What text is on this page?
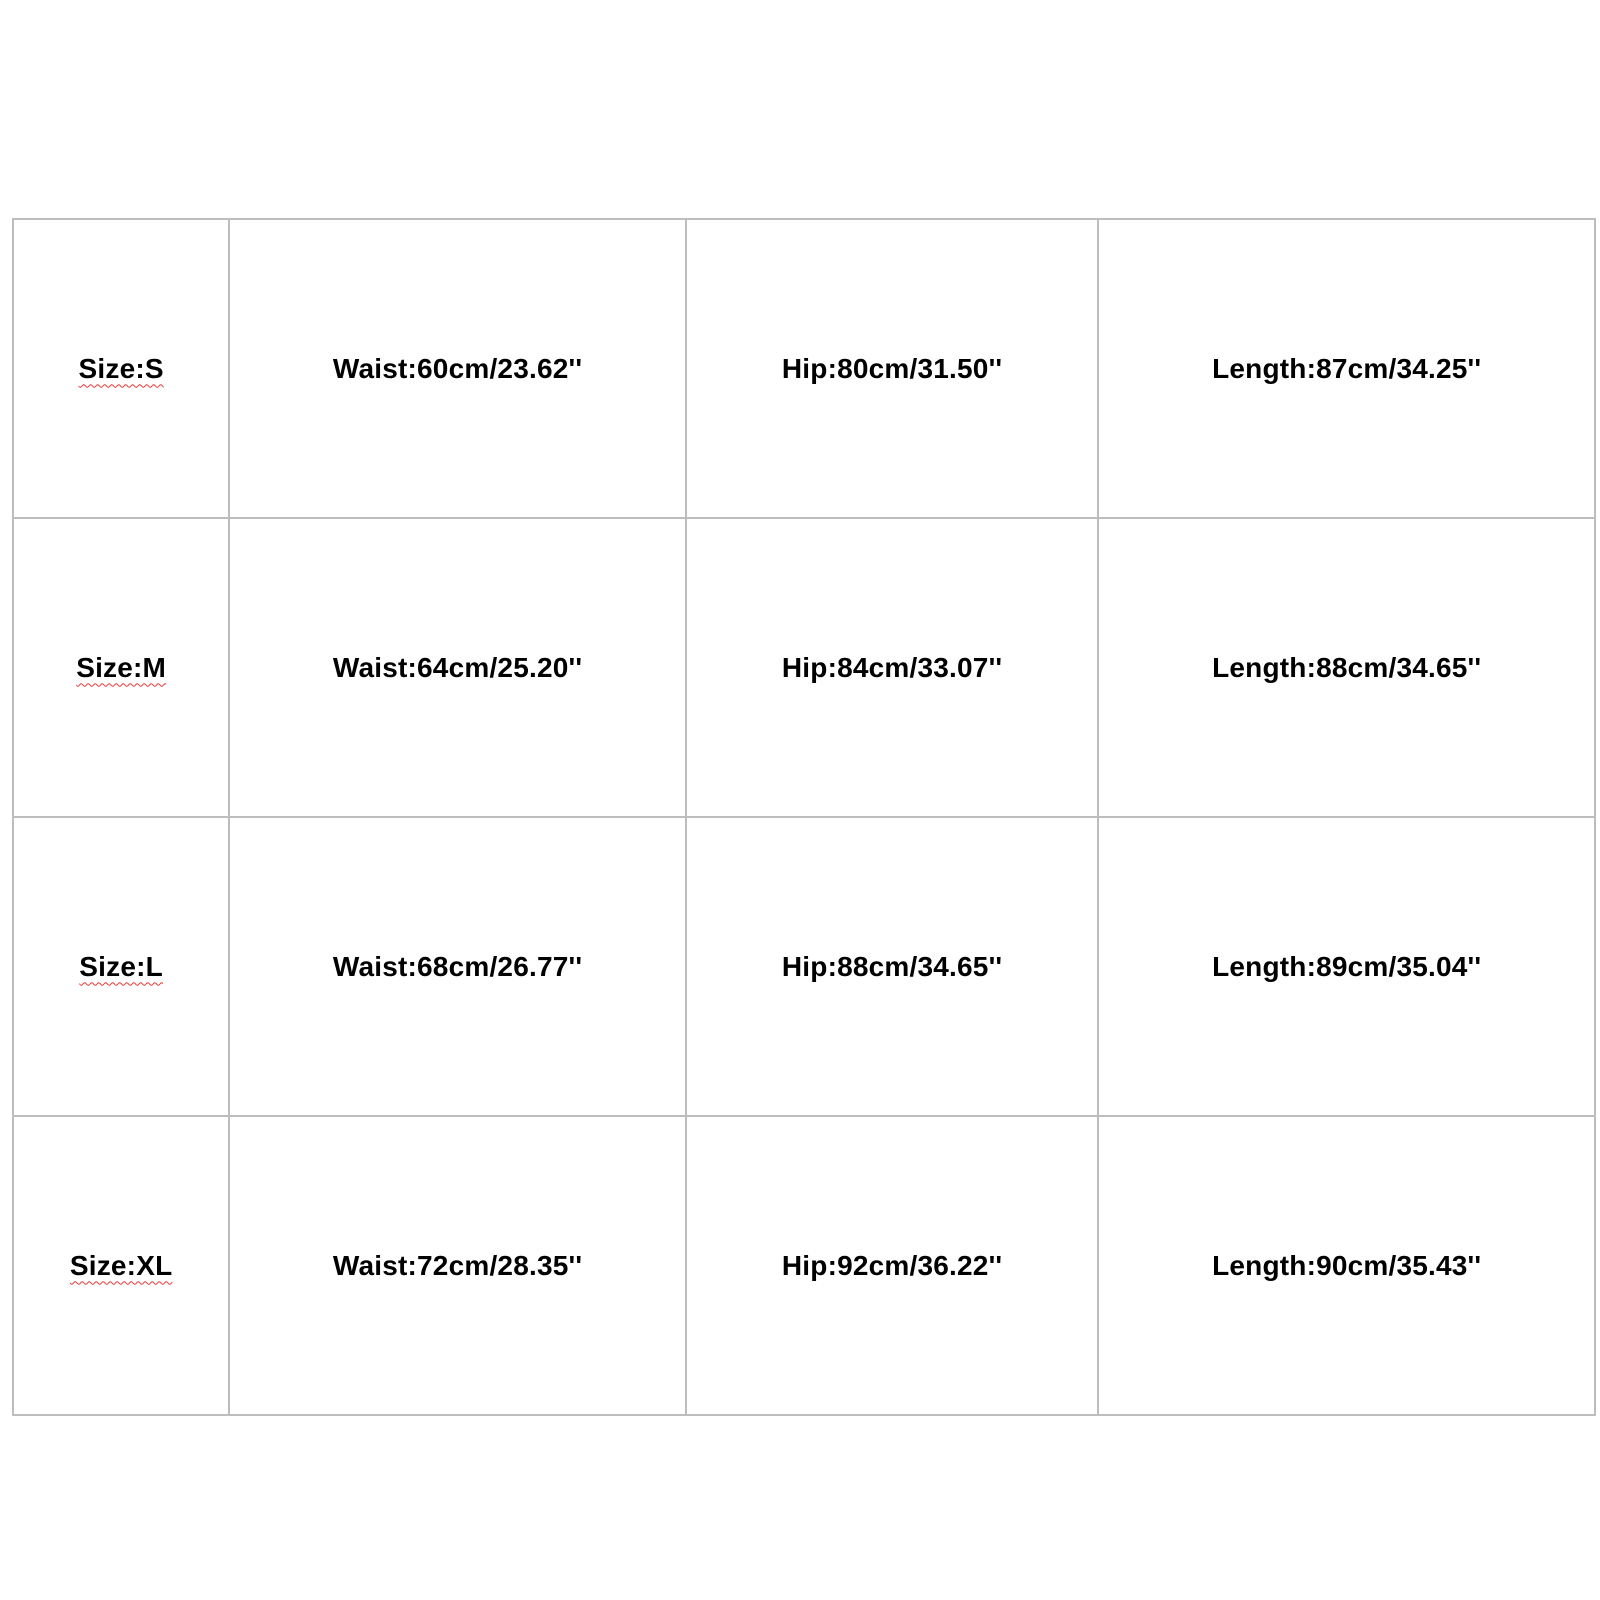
Size:S	Waist:60cm/23.62''	Hip:80cm/31.50''	Length:87cm/34.25''
Size:M	Waist:64cm/25.20''	Hip:84cm/33.07''	Length:88cm/34.65''
Size:L	Waist:68cm/26.77''	Hip:88cm/34.65''	Length:89cm/35.04''
Size:XL	Waist:72cm/28.35''	Hip:92cm/36.22''	Length:90cm/35.43''
